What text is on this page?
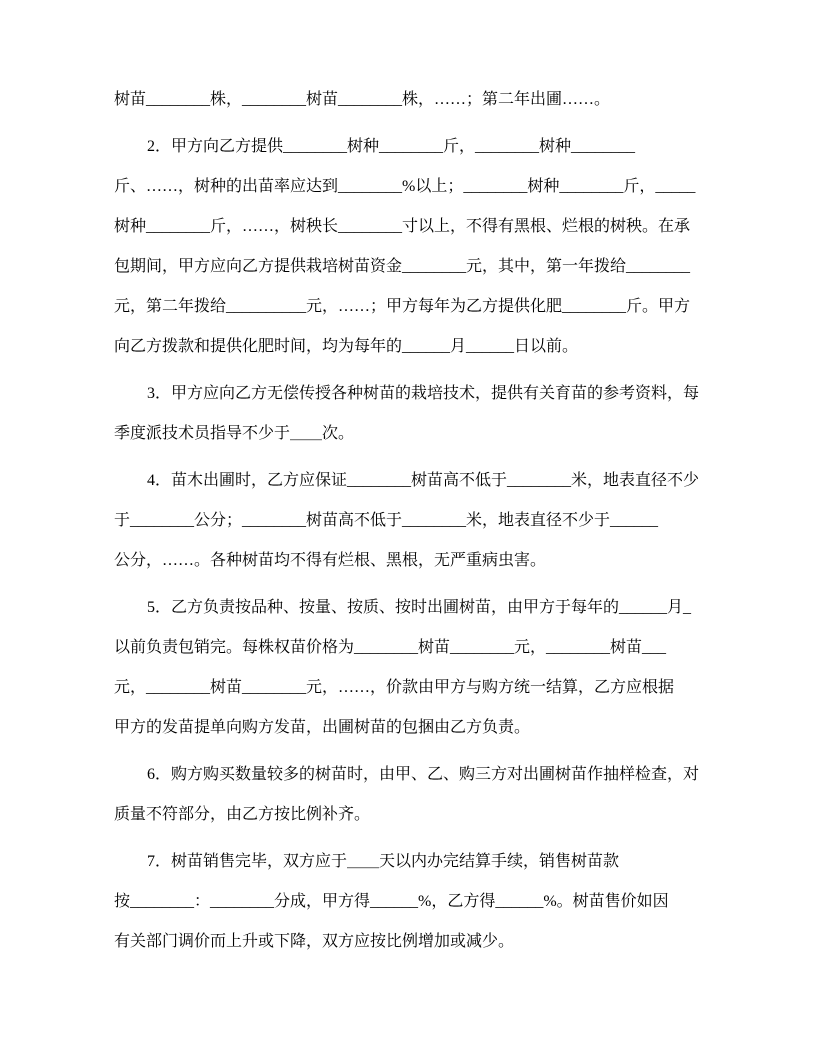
树苗________株，________树苗________株，……；第二年出圃……。
2．甲方向乙方提供________树种________斤，________树种________
斤、……，树种的出苗率应达到________%以上；________树种________斤，_____
树种________斤，……，树秧长________寸以上，不得有黑根、烂根的树秧。在承
包期间，甲方应向乙方提供栽培树苗资金________元，其中，第一年拨给________
元，第二年拨给__________元，……；甲方每年为乙方提供化肥________斤。甲方
向乙方拨款和提供化肥时间，均为每年的______月______日以前。
3．甲方应向乙方无偿传授各种树苗的栽培技术，提供有关育苗的参考资料，每
季度派技术员指导不少于＿＿次。
4．苗木出圃时，乙方应保证________树苗高不低于________米，地表直径不少
于________公分；________树苗高不低于________米，地表直径不少于______
公分，……。各种树苗均不得有烂根、黑根，无严重病虫害。
5．乙方负责按品种、按量、按质、按时出圃树苗，由甲方于每年的______月_
以前负责包销完。每株权苗价格为________树苗________元，________树苗___
元，________树苗________元，……，价款由甲方与购方统一结算，乙方应根据
甲方的发苗提单向购方发苗，出圃树苗的包捆由乙方负责。
6．购方购买数量较多的树苗时，由甲、乙、购三方对出圃树苗作抽样检查，对
质量不符部分，由乙方按比例补齐。
7．树苗销售完毕，双方应于＿＿天以内办完结算手续，销售树苗款
按________：________分成，甲方得______%，乙方得______%。树苗售价如因
有关部门调价而上升或下降，双方应按比例增加或减少。
